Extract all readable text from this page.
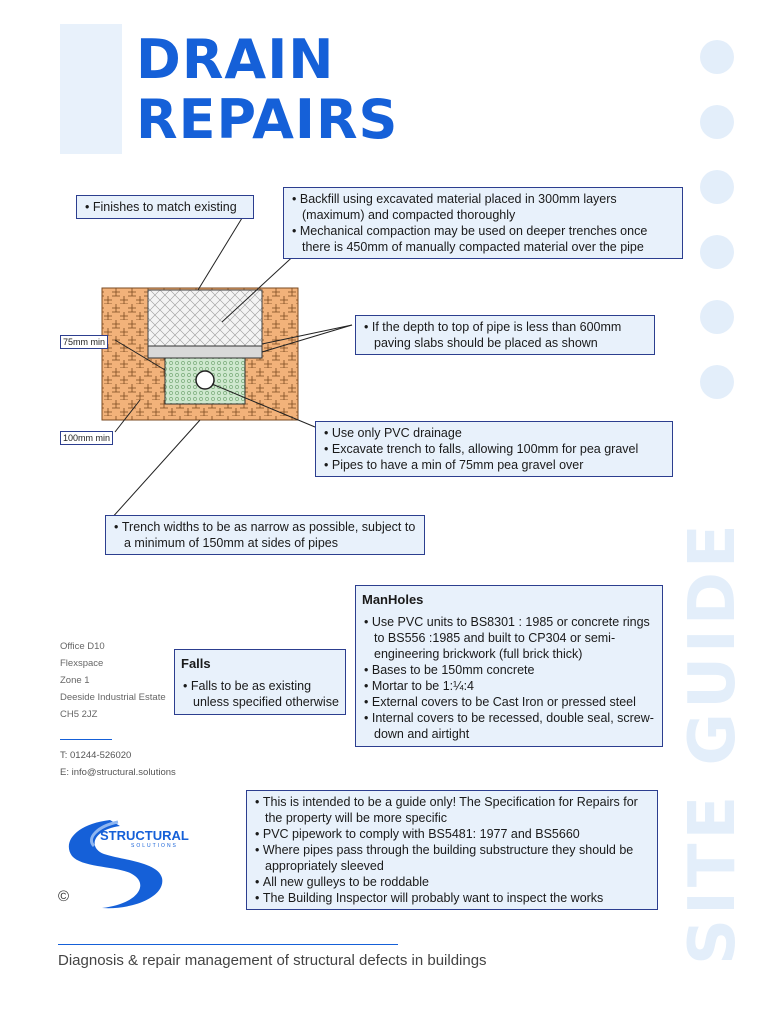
DRAIN
REPAIRS
SITE GUIDE
75mm min
100mm min
• Finishes to match existing
• Backfill using excavated material placed in 300mm layers (maximum) and compacted thoroughly
• Mechanical compaction may be used on deeper trenches once there is 450mm of manually compacted material over the pipe
• If the depth to top of pipe is less than 600mm paving slabs should be placed as shown
• Use only PVC drainage
• Excavate trench to falls, allowing 100mm for pea gravel
• Pipes to have a min of 75mm pea gravel over
• Trench widths to be as narrow as possible, subject to a minimum of 150mm at sides of pipes
ManHoles
• Use PVC units to BS8301 : 1985 or concrete rings to BS556 :1985 and built to CP304 or semi-engineering brickwork (full brick thick)
• Bases to be 150mm concrete
• Mortar to be 1:¼:4
• External covers to be Cast Iron or pressed steel
• Internal covers to be recessed, double seal, screw-down and airtight
Falls
• Falls to be as existing unless specified otherwise
Office D10
Flexspace
Zone 1
Deeside Industrial Estate
CH5 2JZ
T: 01244-526020
E: info@structural.solutions
• This is intended to be a guide only! The Specification for Repairs for the property will be more specific
• PVC pipework to comply with BS5481: 1977 and BS5660
• Where pipes pass through the building substructure they should be appropriately sleeved
• All new gulleys to be roddable
• The Building Inspector will probably want to inspect the works
STRUCTURAL
SOLUTIONS
©
Diagnosis & repair management of structural defects in buildings
